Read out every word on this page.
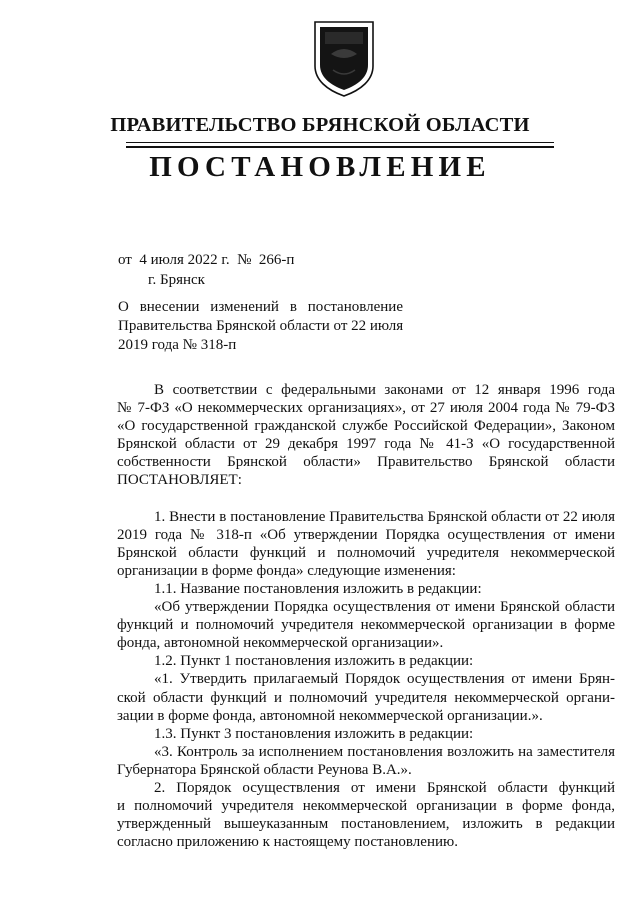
ПРАВИТЕЛЬСТВО БРЯНСКОЙ ОБЛАСТИ
ПОСТАНОВЛЕНИЕ
от  4 июля 2022 г.  №  266-п
г. Брянск
О внесении изменений в постановление
Правительства Брянской области от 22 июля
2019 года № 318-п
В соответствии с федеральными законами от 12 января 1996 года
№ 7-ФЗ «О некоммерческих организациях», от 27 июля 2004 года № 79-ФЗ
«О государственной гражданской службе Российской Федерации», Законом
Брянской области от 29 декабря 1997 года № 41-З «О государственной
собственности Брянской области» Правительство Брянской области
ПОСТАНОВЛЯЕТ:
1. Внести в постановление Правительства Брянской области от 22 июля
2019 года № 318-п «Об утверждении Порядка осуществления от имени
Брянской области функций и полномочий учредителя некоммерческой
организации в форме фонда» следующие изменения:
1.1. Название постановления изложить в редакции:
«Об утверждении Порядка осуществления от имени Брянской области
функций и полномочий учредителя некоммерческой организации в форме
фонда, автономной некоммерческой организации».
1.2. Пункт 1 постановления изложить в редакции:
«1. Утвердить прилагаемый Порядок осуществления от имени Брян-
ской области функций и полномочий учредителя некоммерческой органи-
зации в форме фонда, автономной некоммерческой организации.».
1.3. Пункт 3 постановления изложить в редакции:
«3. Контроль за исполнением постановления возложить на заместителя
Губернатора Брянской области Реунова В.А.».
2. Порядок осуществления от имени Брянской области функций
и полномочий учредителя некоммерческой организации в форме фонда,
утвержденный вышеуказанным постановлением, изложить в редакции
согласно приложению к настоящему постановлению.
